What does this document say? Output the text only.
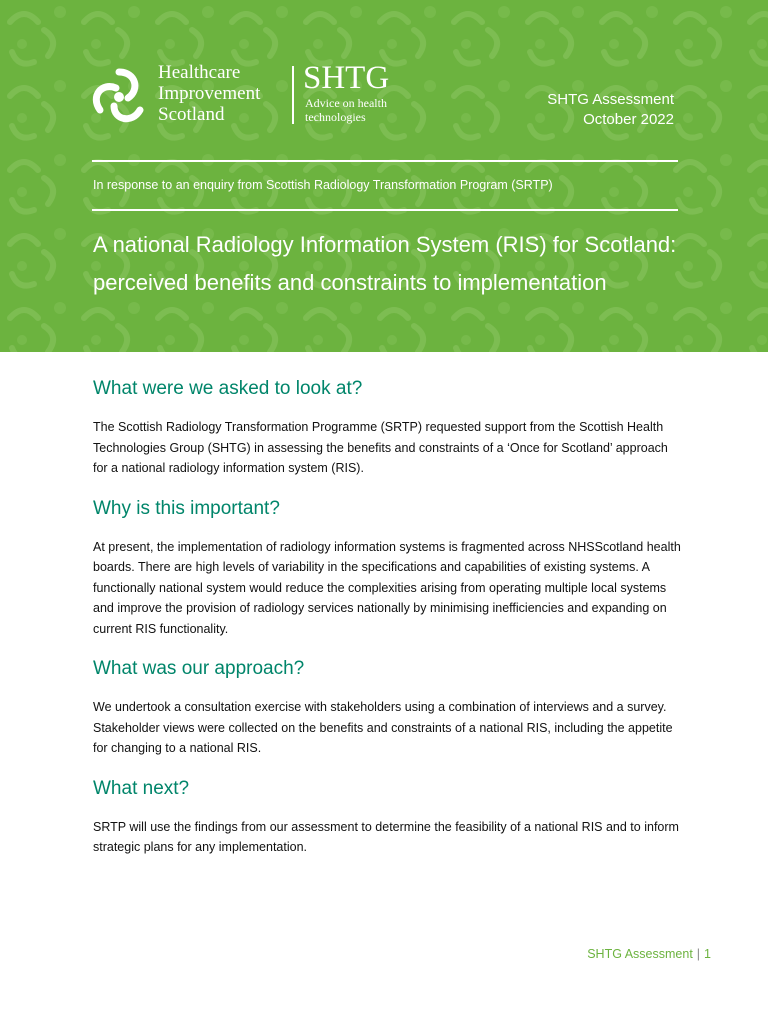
Healthcare
Improvement
Scotland
SHTG
Advice on health technologies
SHTG Assessment
October 2022
In response to an enquiry from Scottish Radiology Transformation Program (SRTP)
A national Radiology Information System (RIS) for Scotland: perceived benefits and constraints to implementation
What were we asked to look at?

The Scottish Radiology Transformation Programme (SRTP) requested support from the Scottish Health Technologies Group (SHTG) in assessing the benefits and constraints of a ‘Once for Scotland’ approach for a national radiology information system (RIS).

Why is this important?

At present, the implementation of radiology information systems is fragmented across NHSScotland health boards. There are high levels of variability in the specifications and capabilities of existing systems. A functionally national system would reduce the complexities arising from operating multiple local systems and improve the provision of radiology services nationally by minimising inefficiencies and expanding on current RIS functionality.

What was our approach?

We undertook a consultation exercise with stakeholders using a combination of interviews and a survey. Stakeholder views were collected on the benefits and constraints of a national RIS, including the appetite for changing to a national RIS.

What next?

SRTP will use the findings from our assessment to determine the feasibility of a national RIS and to inform strategic plans for any implementation.

SHTG Assessment | 1
